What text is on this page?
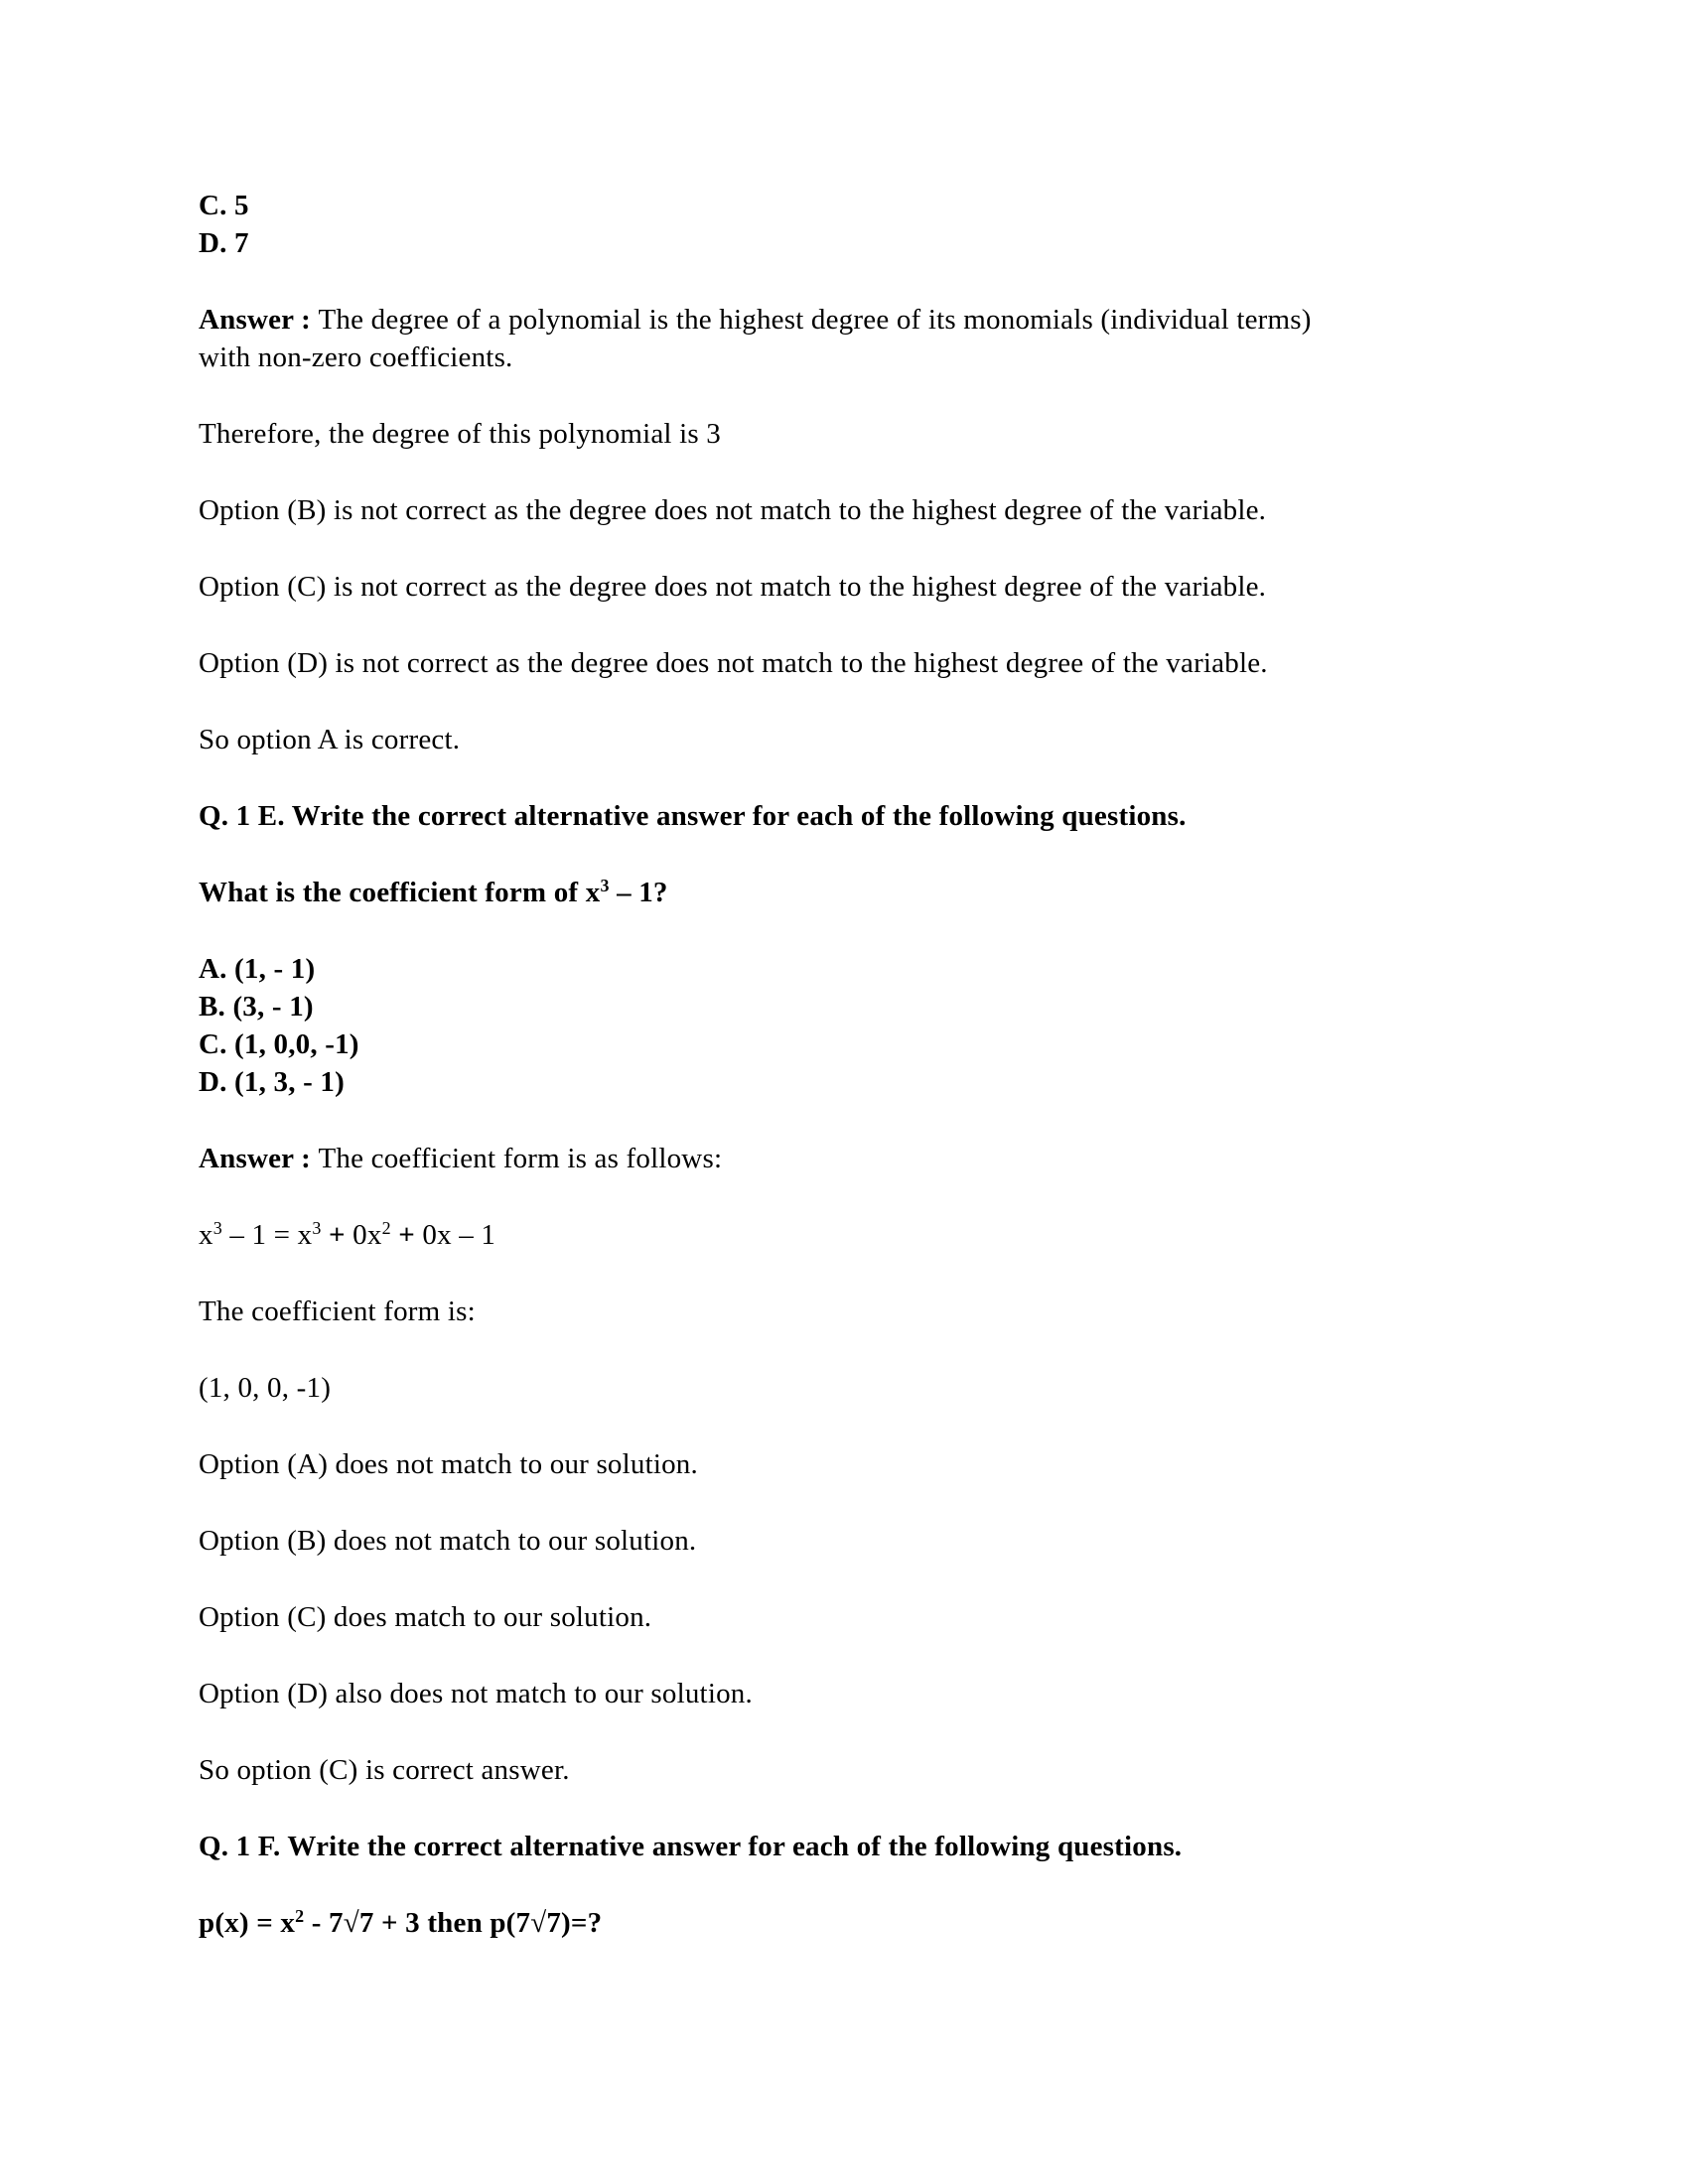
C. 5
D. 7
Answer : The degree of a polynomial is the highest degree of its monomials (individual terms)
with non-zero coefficients.
Therefore, the degree of this polynomial is 3
Option (B) is not correct as the degree does not match to the highest degree of the variable.
Option (C) is not correct as the degree does not match to the highest degree of the variable.
Option (D) is not correct as the degree does not match to the highest degree of the variable.
So option A is correct.
Q. 1 E. Write the correct alternative answer for each of the following questions.
What is the coefficient form of $x^3 - 1$?
A. (1, - 1)
B. (3, - 1)
C. (1, 0,0, -1)
D. (1, 3, - 1)
Answer : The coefficient form is as follows:
$x^3 - 1 = x^3 + 0x^2 + 0x - 1$
The coefficient form is:
(1, 0, 0, -1)
Option (A) does not match to our solution.
Option (B) does not match to our solution.
Option (C) does match to our solution.
Option (D) also does not match to our solution.
So option (C) is correct answer.
Q. 1 F. Write the correct alternative answer for each of the following questions.
$p(x) = x^2 - 7√7 + 3$ then p(7√7)=?
